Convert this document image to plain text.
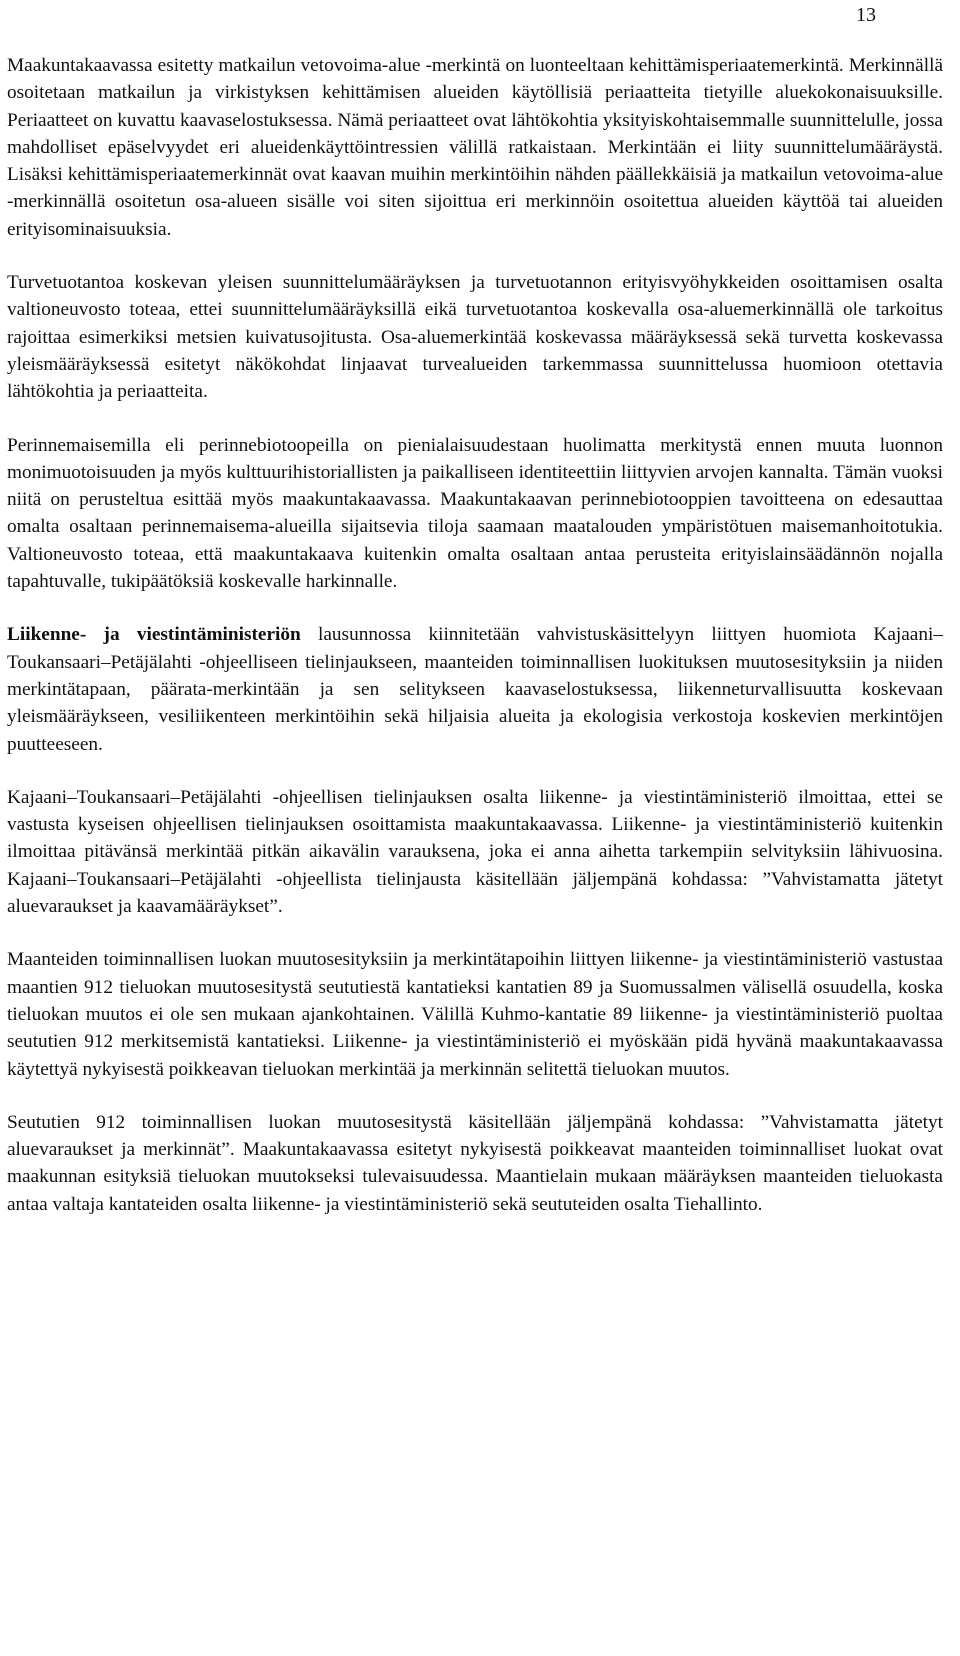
13

Maakuntakaavassa esitetty matkailun vetovoima-alue -merkintä on luonteeltaan kehittämisperiaatemerkintä. Merkinnällä osoitetaan matkailun ja virkistyksen kehittämisen alueiden käytöllisiä periaatteita tietyille aluekokonaisuuksille. Periaatteet on kuvattu kaavaselostuksessa. Nämä periaatteet ovat lähtökohtia yksityiskohtaisemmalle suunnittelulle, jossa mahdolliset epäselvyydet eri alueidenkäyttöintressien välillä ratkaistaan. Merkintään ei liity suunnittelumääräystä. Lisäksi kehittämisperiaatemerkinnät ovat kaavan muihin merkintöihin nähden päällekkäisiä ja matkailun vetovoima-alue -merkinnällä osoitetun osa-alueen sisälle voi siten sijoittua eri merkinnöin osoitettua alueiden käyttöä tai alueiden erityisominaisuuksia.

Turvetuotantoa koskevan yleisen suunnittelumääräyksen ja turvetuotannon erityisvyöhykkeiden osoittamisen osalta valtioneuvosto toteaa, ettei suunnittelumääräyksillä eikä turvetuotantoa koskevalla osa-aluemerkinnällä ole tarkoitus rajoittaa esimerkiksi metsien kuivatusojitusta. Osa-aluemerkintää koskevassa määräyksessä sekä turvetta koskevassa yleismääräyksessä esitetyt näkökohdat linjaavat turvealueiden tarkemmassa suunnittelussa huomioon otettavia lähtökohtia ja periaatteita.

Perinnemaisemilla eli perinnebiotoopeilla on pienialaisuudestaan huolimatta merkitystä ennen muuta luonnon monimuotoisuuden ja myös kulttuurihistoriallisten ja paikalliseen identiteettiin liittyvien arvojen kannalta. Tämän vuoksi niitä on perusteltua esittää myös maakuntakaavassa. Maakuntakaavan perinnebiotooppien tavoitteena on edesauttaa omalta osaltaan perinnemaisema-alueilla sijaitsevia tiloja saamaan maatalouden ympäristötuen maisemanhoitotukia. Valtioneuvosto toteaa, että maakuntakaava kuitenkin omalta osaltaan antaa perusteita erityislainsäädännön nojalla tapahtuvalle, tukipäätöksiä koskevalle harkinnalle.

Liikenne- ja viestintäministeriön lausunnossa kiinnitetään vahvistuskäsittelyyn liittyen huomiota Kajaani–Toukansaari–Petäjälahti -ohjeelliseen tielinjaukseen, maanteiden toiminnallisen luokituksen muutosesityksiin ja niiden merkintätapaan, päärata-merkintään ja sen selitykseen kaavaselostuksessa, liikenneturvallisuutta koskevaan yleismääräykseen, vesiliikenteen merkintöihin sekä hiljaisia alueita ja ekologisia verkostoja koskevien merkintöjen puutteeseen.

Kajaani–Toukansaari–Petäjälahti -ohjeellisen tielinjauksen osalta liikenne- ja viestintäministeriö ilmoittaa, ettei se vastusta kyseisen ohjeellisen tielinjauksen osoittamista maakuntakaavassa. Liikenne- ja viestintäministeriö kuitenkin ilmoittaa pitävänsä merkintää pitkän aikavälin varauksena, joka ei anna aihetta tarkempiin selvityksiin lähivuosina. Kajaani–Toukansaari–Petäjälahti -ohjeellista tielinjausta käsitellään jäljempänä kohdassa: ”Vahvistamatta jätetyt aluevaraukset ja kaavamääräykset”.

Maanteiden toiminnallisen luokan muutosesityksiin ja merkintätapoihin liittyen liikenne- ja viestintäministeriö vastustaa maantien 912 tieluokan muutosesitystä seututiestä kantatieksi kantatien 89 ja Suomussalmen välisellä osuudella, koska tieluokan muutos ei ole sen mukaan ajankohtainen. Välillä Kuhmo-kantatie 89 liikenne- ja viestintäministeriö puoltaa seututien 912 merkitsemistä kantatieksi. Liikenne- ja viestintäministeriö ei myöskään pidä hyvänä maakuntakaavassa käytettyä nykyisestä poikkeavan tieluokan merkintää ja merkinnän selitettä tieluokan muutos.

Seututien 912 toiminnallisen luokan muutosesitystä käsitellään jäljempänä kohdassa: ”Vahvistamatta jätetyt aluevaraukset ja merkinnät”. Maakuntakaavassa esitetyt nykyisestä poikkeavat maanteiden toiminnalliset luokat ovat maakunnan esityksiä tieluokan muutokseksi tulevaisuudessa. Maantielain mukaan määräyksen maanteiden tieluokasta antaa valtaja kantateiden osalta liikenne- ja viestintäministeriö sekä seututeiden osalta Tiehallinto.
